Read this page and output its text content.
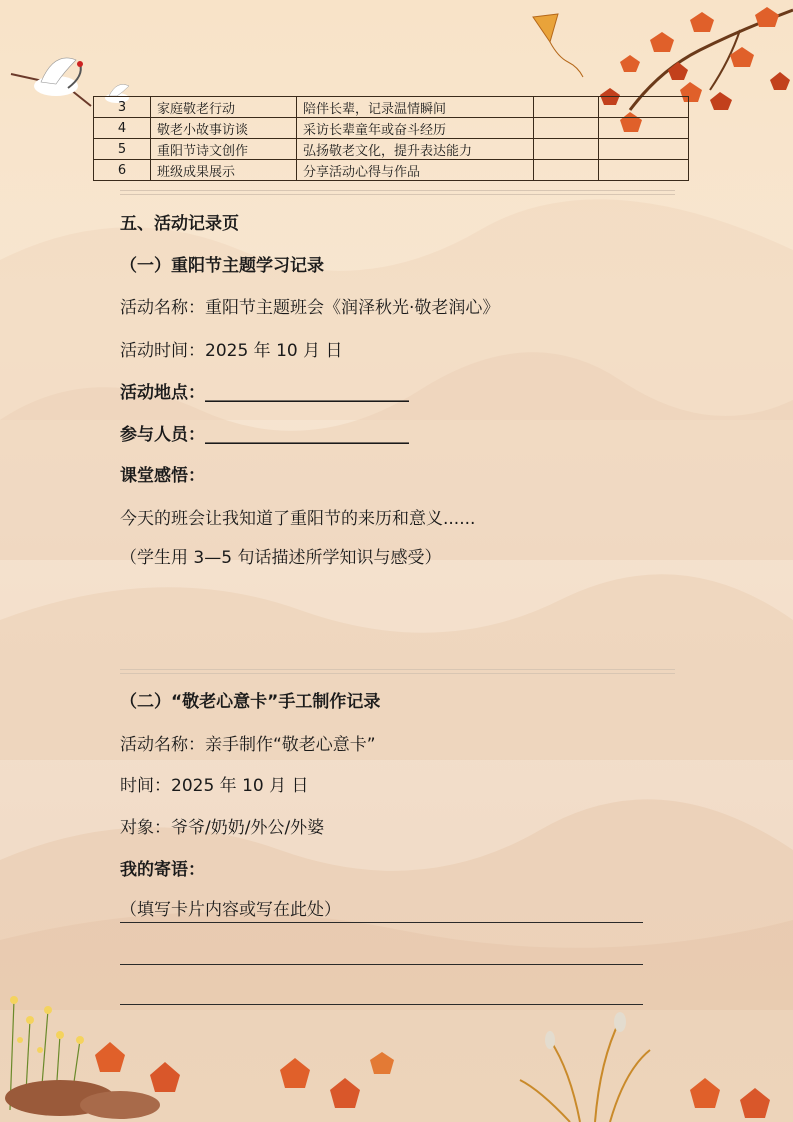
3	家庭敬老行动	陪伴长辈，记录温情瞬间		
4	敬老小故事访谈	采访长辈童年或奋斗经历		
5	重阳节诗文创作	弘扬敬老文化，提升表达能力		
6	班级成果展示	分享活动心得与作品		
五、活动记录页
（一）重阳节主题学习记录
活动名称：重阳节主题班会《润泽秋光·敬老润心》
活动时间：2025 年 10 月 日
活动地点：________________________
参与人员：________________________
课堂感悟：
今天的班会让我知道了重阳节的来历和意义......
（学生用 3—5 句话描述所学知识与感受）
（二）“敬老心意卡”手工制作记录
活动名称：亲手制作“敬老心意卡”
时间：2025 年 10 月 日
对象：爷爷/奶奶/外公/外婆
我的寄语：
（填写卡片内容或写在此处）
